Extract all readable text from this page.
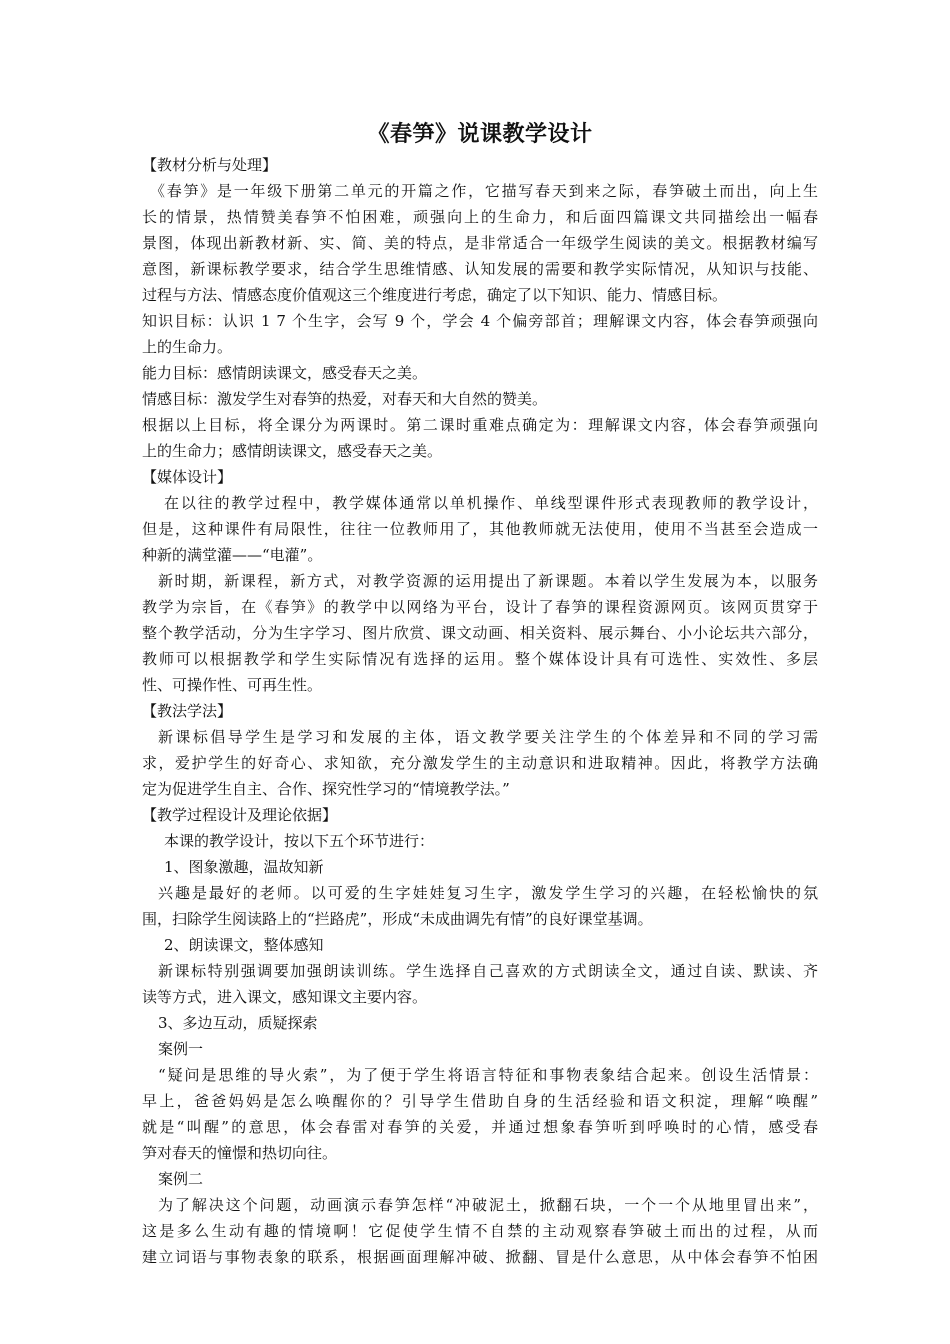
《春笋》说课教学设计

【教材分析与处理】

《春笋》是一年级下册第二单元的开篇之作，它描写春天到来之际，春笋破土而出，向上生

长的情景，热情赞美春笋不怕困难，顽强向上的生命力，和后面四篇课文共同描绘出一幅春

景图，体现出新教材新、实、简、美的特点，是非常适合一年级学生阅读的美文。根据教材编写

意图，新课标教学要求，结合学生思维情感、认知发展的需要和教学实际情况，从知识与技能、

过程与方法、情感态度价值观这三个维度进行考虑，确定了以下知识、能力、情感目标。

知识目标：认识 1 7 个生字，会写 9 个，学会 4 个偏旁部首；理解课文内容，体会春笋顽强向

上的生命力。

能力目标：感情朗读课文，感受春天之美。

情感目标：激发学生对春笋的热爱，对春天和大自然的赞美。

根据以上目标，将全课分为两课时。第二课时重难点确定为：理解课文内容，体会春笋顽强向

上的生命力；感情朗读课文，感受春天之美。

【媒体设计】

在以往的教学过程中，教学媒体通常以单机操作、单线型课件形式表现教师的教学设计，

但是，这种课件有局限性，往往一位教师用了，其他教师就无法使用，使用不当甚至会造成一

种新的满堂灌——“电灌”。

新时期，新课程，新方式，对教学资源的运用提出了新课题。本着以学生发展为本，以服务

教学为宗旨，在《春笋》的教学中以网络为平台，设计了春笋的课程资源网页。该网页贯穿于

整个教学活动，分为生字学习、图片欣赏、课文动画、相关资料、展示舞台、小小论坛共六部分，

教师可以根据教学和学生实际情况有选择的运用。整个媒体设计具有可选性、实效性、多层

性、可操作性、可再生性。

【教法学法】

新课标倡导学生是学习和发展的主体，语文教学要关注学生的个体差异和不同的学习需

求，爱护学生的好奇心、求知欲，充分激发学生的主动意识和进取精神。因此，将教学方法确

定为促进学生自主、合作、探究性学习的“情境教学法。”

【教学过程设计及理论依据】

本课的教学设计，按以下五个环节进行：

1、图象激趣，温故知新

兴趣是最好的老师。以可爱的生字娃娃复习生字，激发学生学习的兴趣，在轻松愉快的氛

围，扫除学生阅读路上的“拦路虎”，形成“未成曲调先有情”的良好课堂基调。

2、朗读课文，整体感知

新课标特别强调要加强朗读训练。学生选择自己喜欢的方式朗读全文，通过自读、默读、齐

读等方式，进入课文，感知课文主要内容。

3、多边互动，质疑探索

案例一

“疑问是思维的导火索”，为了便于学生将语言特征和事物表象结合起来。创设生活情景：

早上，爸爸妈妈是怎么唤醒你的？引导学生借助自身的生活经验和语文积淀，理解“唤醒”

就是“叫醒”的意思，体会春雷对春笋的关爱，并通过想象春笋听到呼唤时的心情，感受春

笋对春天的憧憬和热切向往。

案例二

为了解决这个问题，动画演示春笋怎样“冲破泥土，掀翻石块，一个一个从地里冒出来”，

这是多么生动有趣的情境啊！它促使学生情不自禁的主动观察春笋破土而出的过程，从而

建立词语与事物表象的联系，根据画面理解冲破、掀翻、冒是什么意思，从中体会春笋不怕困
